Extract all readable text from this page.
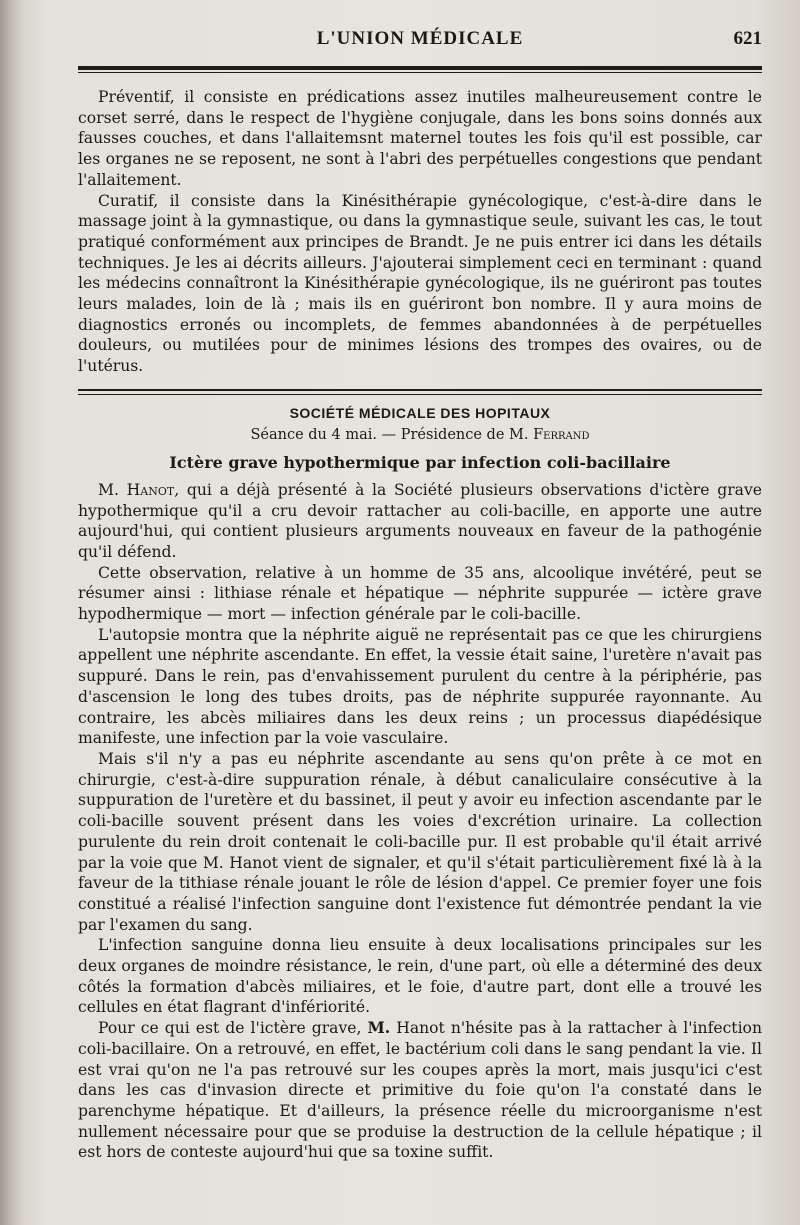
L'UNION MÉDICALE	621

Préventif, il consiste en prédications assez inutiles malheureusement contre le corset serré, dans le respect de l'hygiène conjugale, dans les bons soins donnés aux fausses couches, et dans l'allaitemsnt maternel toutes les fois qu'il est possible, car les organes ne se reposent, ne sont à l'abri des perpétuelles congestions que pendant l'allaitement.

Curatif, il consiste dans la Kinésithérapie gynécologique, c'est-à-dire dans le massage joint à la gymnastique, ou dans la gymnastique seule, suivant les cas, le tout pratiqué conformément aux principes de Brandt. Je ne puis entrer ici dans les détails techniques. Je les ai décrits ailleurs. J'ajouterai simplement ceci en terminant : quand les médecins connaîtront la Kinésithérapie gynécologique, ils ne guériront pas toutes leurs malades, loin de là ; mais ils en guériront bon nombre. Il y aura moins de diagnostics erronés ou incomplets, de femmes abandonnées à de perpétuelles douleurs, ou mutilées pour de minimes lésions des trompes des ovaires, ou de l'utérus.

SOCIÉTÉ MÉDICALE DES HOPITAUX
Séance du 4 mai. — Présidence de M. Ferrand
Ictère grave hypothermique par infection coli-bacillaire

M. Hanot, qui a déjà présenté à la Société plusieurs observations d'ictère grave hypothermique qu'il a cru devoir rattacher au coli-bacille, en apporte une autre aujourd'hui, qui contient plusieurs arguments nouveaux en faveur de la pathogénie qu'il défend.

Cette observation, relative à un homme de 35 ans, alcoolique invétéré, peut se résumer ainsi : lithiase rénale et hépatique — néphrite suppurée — ictère grave hypodhermique — mort — infection générale par le coli-bacille.

L'autopsie montra que la néphrite aiguë ne représentait pas ce que les chirurgiens appellent une néphrite ascendante. En effet, la vessie était saine, l'uretère n'avait pas suppuré. Dans le rein, pas d'envahissement purulent du centre à la périphérie, pas d'ascension le long des tubes droits, pas de néphrite suppurée rayonnante. Au contraire, les abcès miliaires dans les deux reins ; un processus diapédésique manifeste, une infection par la voie vasculaire.

Mais s'il n'y a pas eu néphrite ascendante au sens qu'on prête à ce mot en chirurgie, c'est-à-dire suppuration rénale, à début canaliculaire consécutive à la suppuration de l'uretère et du bassinet, il peut y avoir eu infection ascendante par le coli-bacille souvent présent dans les voies d'excrétion urinaire. La collection purulente du rein droit contenait le coli-bacille pur. Il est probable qu'il était arrivé par la voie que M. Hanot vient de signaler, et qu'il s'était particulièrement fixé là à la faveur de la tithiase rénale jouant le rôle de lésion d'appel. Ce premier foyer une fois constitué a réalisé l'infection sanguine dont l'existence fut démontrée pendant la vie par l'examen du sang.

L'infection sanguine donna lieu ensuite à deux localisations principales sur les deux organes de moindre résistance, le rein, d'une part, où elle a déterminé des deux côtés la formation d'abcès miliaires, et le foie, d'autre part, dont elle a trouvé les cellules en état flagrant d'infériorité.

Pour ce qui est de l'ictère grave, M. Hanot n'hésite pas à la rattacher à l'infection coli-bacillaire. On a retrouvé, en effet, le bactérium coli dans le sang pendant la vie. Il est vrai qu'on ne l'a pas retrouvé sur les coupes après la mort, mais jusqu'ici c'est dans les cas d'invasion directe et primitive du foie qu'on l'a constaté dans le parenchyme hépatique. Et d'ailleurs, la présence réelle du microorganisme n'est nullement nécessaire pour que se produise la destruction de la cellule hépatique ; il est hors de conteste aujourd'hui que sa toxine suffit.
